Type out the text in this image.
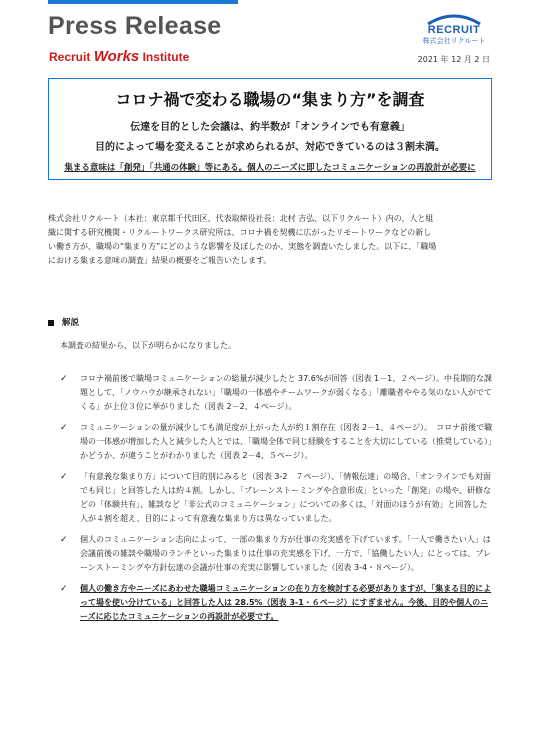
Press Release
Recruit Works Institute
RECRUIT
株式会社リクルート
2021 年 12 月 2 日
コロナ禍で変わる職場の“集まり方”を調査
伝達を目的とした会議は、約半数が「オンラインでも有意義」
目的によって場を変えることが求められるが、対応できているのは３割未満。
集まる意味は「創発」「共通の体験」等にある。個人のニーズに即したコミュニケーションの再設計が必要に
株式会社リクルート（本社：東京都千代田区、代表取締役社長：北村 吉弘、以下リクルート）内の、人と組
織に関する研究機関・リクルートワークス研究所は、コロナ禍を契機に広がったリモートワークなどの新し
い働き方が、職場の“集まり方”にどのような影響を及ぼしたのか、実態を調査いたしました。以下に、「職場
における集まる意味の調査」結果の概要をご報告いたします。
解説
本調査の結果から、以下が明らかになりました。
✓ コロナ禍前後で職場コミュニケーションの総量が減少したと 37.6%が回答（図表 1－1、２ページ）。中長期的な課題として、「ノウハウが継承されない」「職場の一体感やチームワークが弱くなる」「離職者ややる気のない人がでてくる」が上位３位に挙がりました（図表 2－2、４ページ）。
✓ コミュニケーションの量が減少しても満足度が上がった人が約１割存在（図表 2－1、４ページ）。　コロナ前後で職場の一体感が増加した人と減少した人とでは、「職場全体で同じ経験をすることを大切にしている（推奨している）」かどうか、が違うことがわかりました（図表 2－4、５ページ）。
✓ 「有意義な集まり方」について目的別にみると（図表 3-2　７ページ）、「情報伝達」の場合、「オンラインでも対面でも同じ」と回答した人は約４割。しかし、「ブレーンストーミングや合意形成」といった「創発」の場や、研修などの「体験共有」、雑談など「非公式のコミュニケーション」についての多くは、「対面のほうが有効」と回答した人が４割を超え、目的によって有意義な集まり方は異なっていました。
✓ 個人のコミュニケーション志向によって、一部の集まり方が仕事の充実感を下げています。「一人で働きたい人」は会議前後の雑談や職場のランチといった集まりは仕事の充実感を下げ、一方で、「協働したい人」にとっては、ブレーンストーミングや方針伝達の会議が仕事の充実に影響していました（図表 3-4・８ページ）。
✓ 個人の働き方やニーズにあわせた職場コミュニケーションの在り方を検討する必要がありますが、「集まる目的によって場を使い分けている」と回答した人は 28.5%（図表 3-1・６ページ）にすぎません。今後、目的や個人のニーズに応じたコミュニケーションの再設計が必要です。
